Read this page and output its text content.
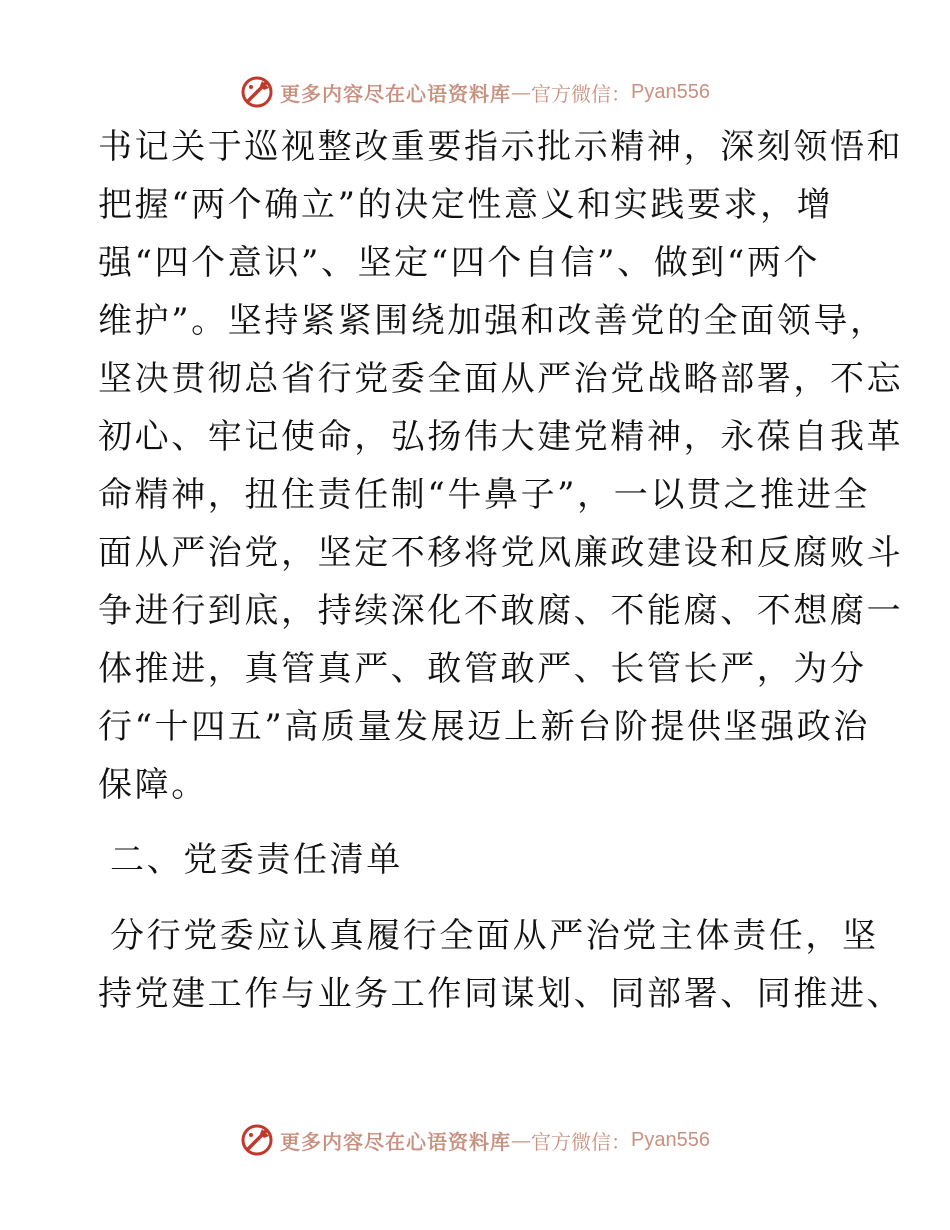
更多内容尽在心语资料库 — 官方微信： Pyan556
书记关于巡视整改重要指示批示精神，深刻领悟和
把握“两个确立”的决定性意义和实践要求，增
强“四个意识”、坚定“四个自信”、做到“两个
维护”。坚持紧紧围绕加强和改善党的全面领导，
坚决贯彻总省行党委全面从严治党战略部署，不忘
初心、牢记使命，弘扬伟大建党精神，永葆自我革
命精神，扭住责任制“牛鼻子”，一以贯之推进全
面从严治党，坚定不移将党风廉政建设和反腐败斗
争进行到底，持续深化不敢腐、不能腐、不想腐一
体推进，真管真严、敢管敢严、长管长严，为分
行“十四五”高质量发展迈上新台阶提供坚强政治
保障。
二、党委责任清单
分行党委应认真履行全面从严治党主体责任，坚
持党建工作与业务工作同谋划、同部署、同推进、
更多内容尽在心语资料库 — 官方微信： Pyan556
